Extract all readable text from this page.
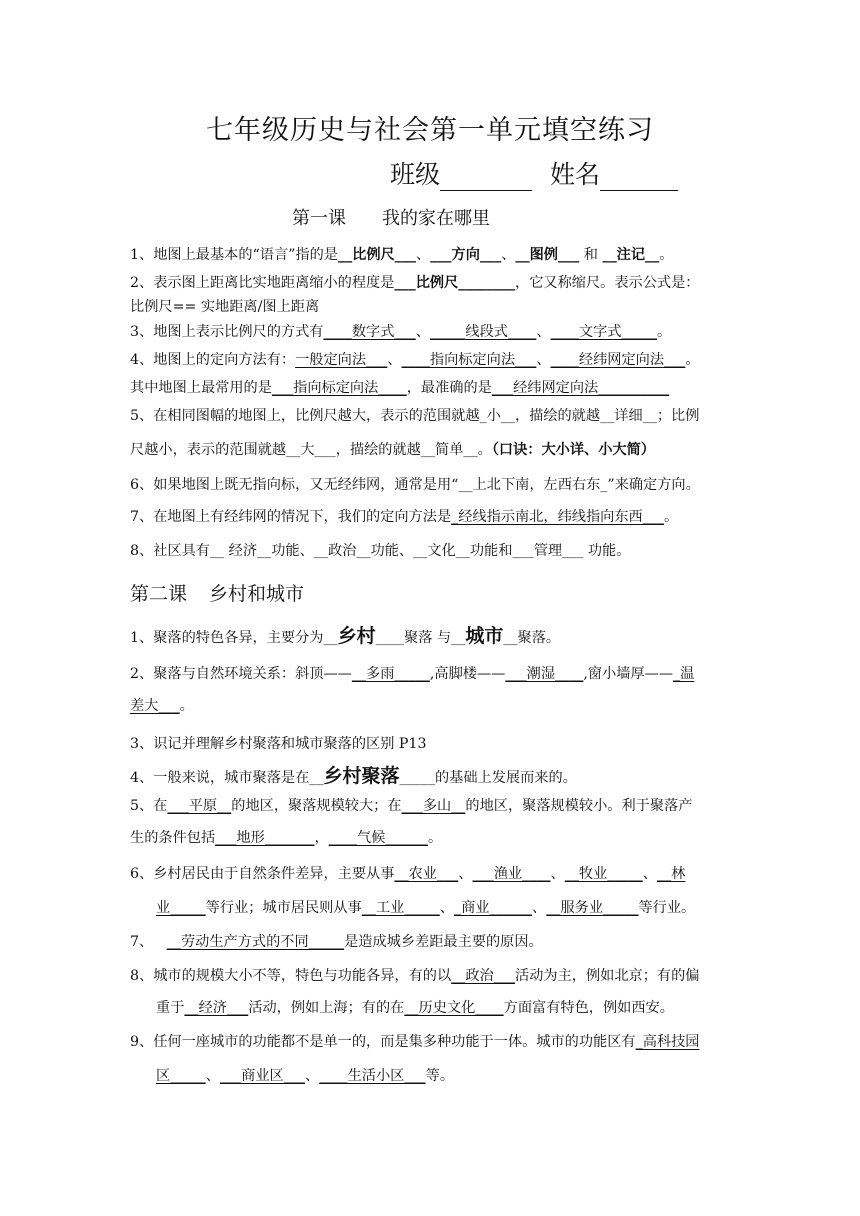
七年级历史与社会第一单元填空练习
班级	姓名
第一课 我的家在哪里
1、地图上最基本的“语言”指的是__比例尺___、___方向___、__图例___ 和 __注记__。
2、表示图上距离比实地距离缩小的程度是___比例尺________，它又称缩尺。表示公式是：
比例尺== 实地距离/图上距离
3、地图上表示比例尺的方式有____数字式___、_____线段式____、____文字式_____。
4、地图上的定向方法有：一般定向法___、____指向标定向法___、____经纬网定向法___。
其中地图上最常用的是___指向标定向法____，最准确的是___经纬网定向法__________
5、在相同图幅的地图上，比例尺越大，表示的范围就越_小__，描绘的就越__详细__；比例
尺越小，表示的范围就越__大___，描绘的就越__简单__。（口诀：大小详、小大简）
6、如果地图上既无指向标，又无经纬网，通常是用“__上北下南，左西右东_”来确定方向。
7、在地图上有经纬网的情况下，我们的定向方法是_经线指示南北，纬线指向东西___。
8、社区具有__ 经济__功能、__政治__功能、__文化__功能和___管理___ 功能。
第二课 乡村和城市
1、聚落的特色各异，主要分为__乡村____聚落 与__城市__聚落。
2、聚落与自然环境关系：斜顶——__多雨_____,高脚楼——___潮湿____,窗小墙厚——_温
差大___。
3、识记并理解乡村聚落和城市聚落的区别 P13
4、一般来说，城市聚落是在__乡村聚落_____的基础上发展而来的。
5、在___平原__的地区，聚落规模较大；在___多山__的地区，聚落规模较小。利于聚落产
生的条件包括___地形_______，____气候______。
6、乡村居民由于自然条件差异，主要从事__农业___、___渔业____、__牧业_____、__林
业_____等行业；城市居民则从事__工业_____、_商业______、__服务业_____等行业。
7、   __劳动生产方式的不同_____是造成城乡差距最主要的原因。
8、城市的规模大小不等，特色与功能各异，有的以__政治___活动为主，例如北京；有的偏
重于__经济___活动，例如上海；有的在__历史文化____方面富有特色，例如西安。
9、任何一座城市的功能都不是单一的，而是集多种功能于一体。城市的功能区有_高科技园
区_____、___商业区___、____生活小区___等。
